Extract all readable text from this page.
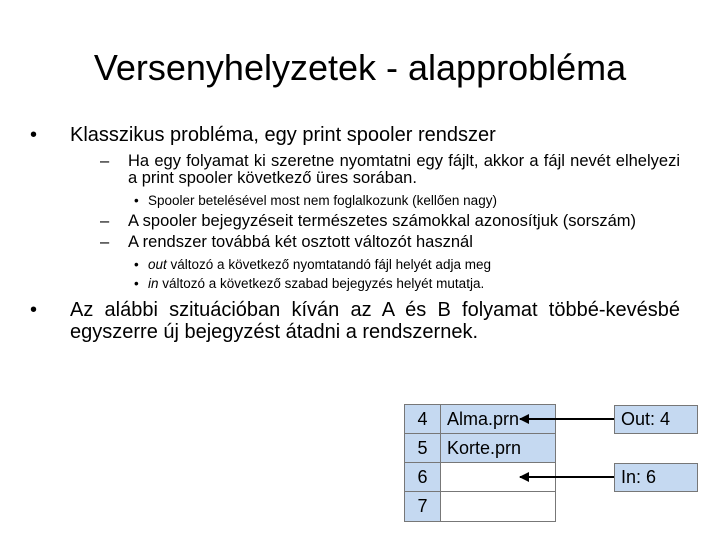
Versenyhelyzetek - alapprobléma
• Klasszikus probléma, egy print spooler rendszer
– Ha egy folyamat ki szeretne nyomtatni egy fájlt, akkor a fájl nevét elhelyezi a print spooler következő üres sorában.
• Spooler betelésével most nem foglalkozunk (kellően nagy)
– A spooler bejegyzéseit természetes számokkal azonosítjuk (sorszám)
– A rendszer továbbá két osztott változót használ
• out változó a következő nyomtatandó fájl helyét adja meg
• in változó a következő szabad bejegyzés helyét mutatja.
• Az alábbi szituációban kíván az A és B folyamat többé-kevésbé egyszerre új bejegyzést átadni a rendszernek.
4	Alma.prn
5	Korte.prn
6
7
Out: 4
In: 6
